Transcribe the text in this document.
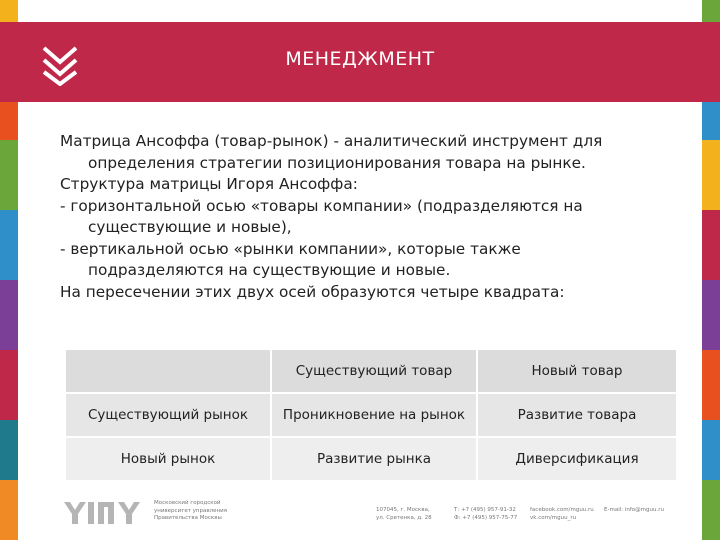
МЕНЕДЖМЕНТ

Матрица Ансоффа (товар-рынок) - аналитический инструмент для

определения стратегии позиционирования товара на рынке.

Структура матрицы Игоря Ансоффа:

- горизонтальной осью «товары компании» (подразделяются на

существующие и новые),

- вертикальной осью «рынки компании», которые также

подразделяются на существующие и новые.

На пересечении этих двух осей образуются четыре квадрата:

	Существующий товар	Новый товар
Существующий рынок	Проникновение на рынок	Развитие товара
Новый рынок	Развитие рынка	Диверсификация
Московский городской
университет управления
Правительства Москвы
107045, г. Москва,
ул. Сретенка, д. 28
Т: +7 (495) 957-91-32
Ф: +7 (495) 957-75-77
facebook.com/mguu.ru
vk.com/mguu_ru
E-mail: info@mguu.ru
